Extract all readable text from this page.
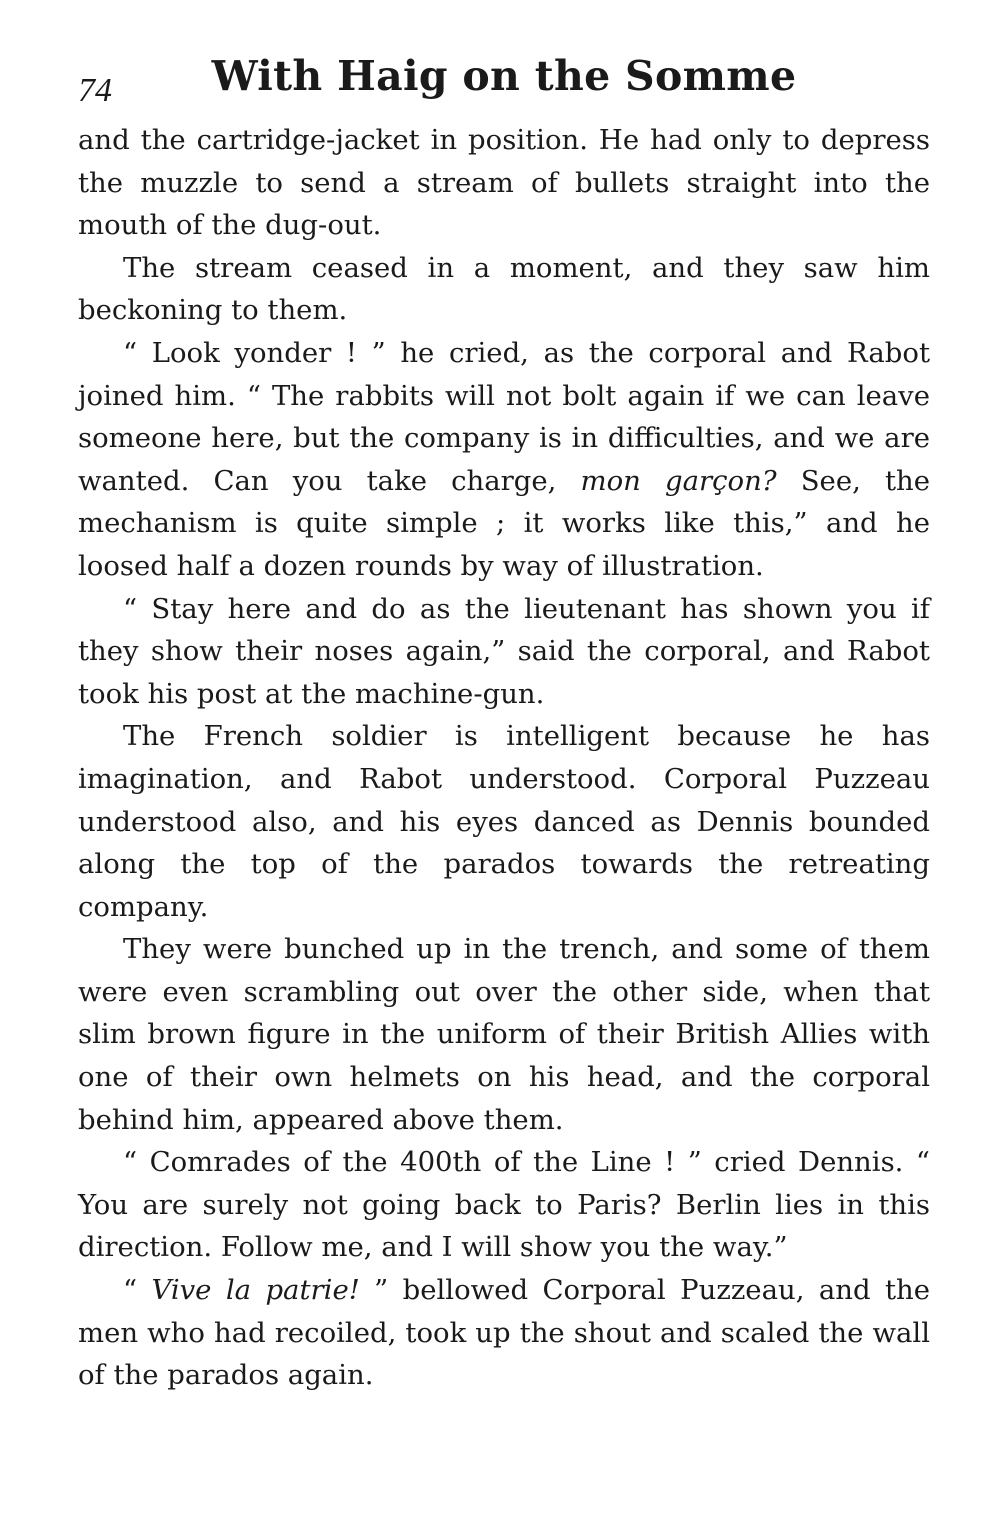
74	With Haig on the Somme

and the cartridge-jacket in position. He had only to depress the muzzle to send a stream of bullets straight into the mouth of the dug-out.

The stream ceased in a moment, and they saw him beckoning to them.

“ Look yonder ! ” he cried, as the corporal and Rabot joined him. “ The rabbits will not bolt again if we can leave someone here, but the company is in difficulties, and we are wanted. Can you take charge, mon garçon? See, the mechanism is quite simple ; it works like this,” and he loosed half a dozen rounds by way of illustration.

“ Stay here and do as the lieutenant has shown you if they show their noses again,” said the corporal, and Rabot took his post at the machine-gun.

The French soldier is intelligent because he has imagination, and Rabot understood. Corporal Puzzeau understood also, and his eyes danced as Dennis bounded along the top of the parados towards the retreating company.

They were bunched up in the trench, and some of them were even scrambling out over the other side, when that slim brown figure in the uniform of their British Allies with one of their own helmets on his head, and the corporal behind him, appeared above them.

“ Comrades of the 400th of the Line ! ” cried Dennis. “ You are surely not going back to Paris? Berlin lies in this direction. Follow me, and I will show you the way.”

“ Vive la patrie! ” bellowed Corporal Puzzeau, and the men who had recoiled, took up the shout and scaled the wall of the parados again.
